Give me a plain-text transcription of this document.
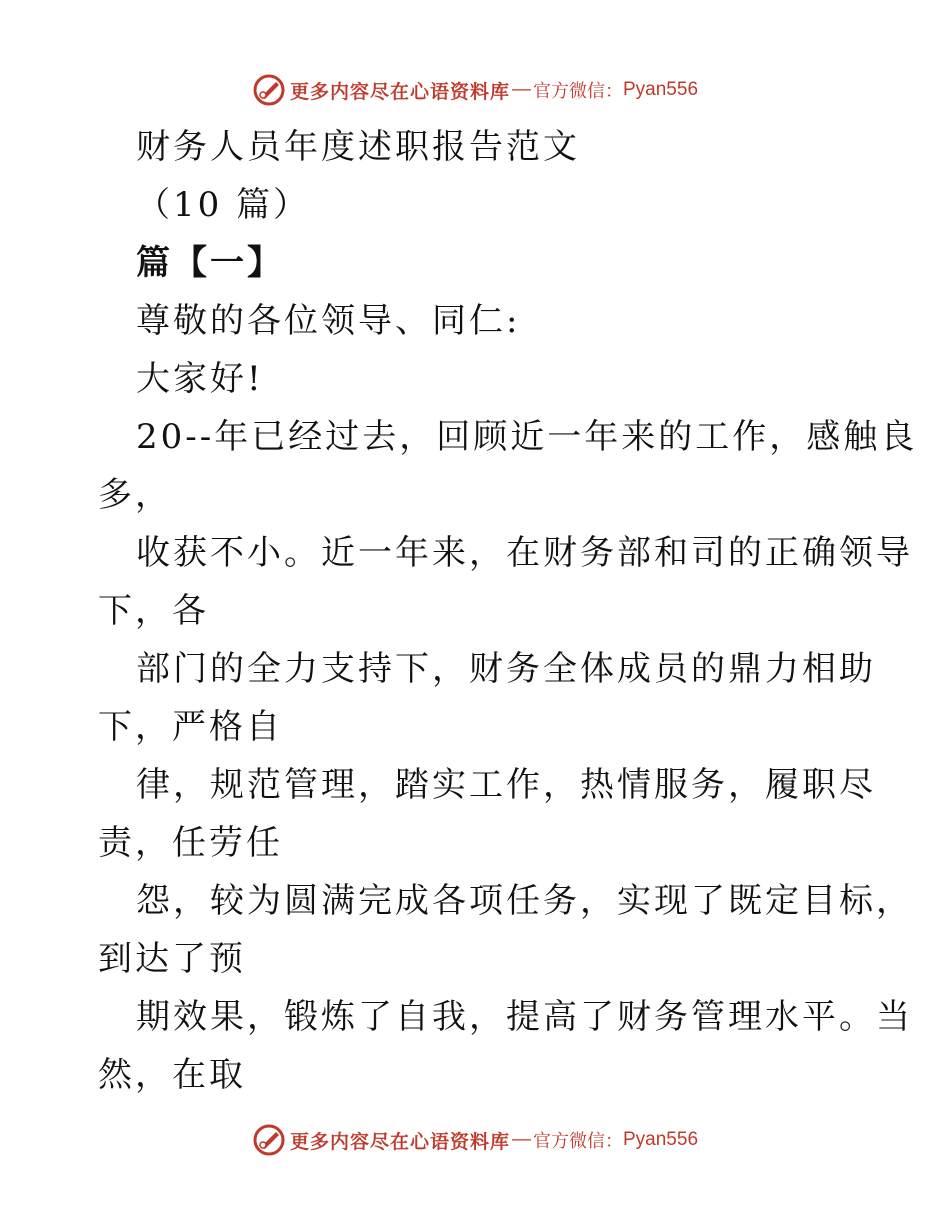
更多内容尽在心语资料库 — 官方微信： Pyan556
财务人员年度述职报告范文
（10 篇）
篇【一】
尊敬的各位领导、同仁:
大家好!
20--年已经过去，回顾近一年来的工作，感触良
多，
收获不小。近一年来，在财务部和司的正确领导
下，各
部门的全力支持下，财务全体成员的鼎力相助
下，严格自
律，规范管理，踏实工作，热情服务，履职尽
责，任劳任
怨，较为圆满完成各项任务，实现了既定目标，
到达了预
期效果，锻炼了自我，提高了财务管理水平。当
然，在取
更多内容尽在心语资料库 — 官方微信： Pyan556
